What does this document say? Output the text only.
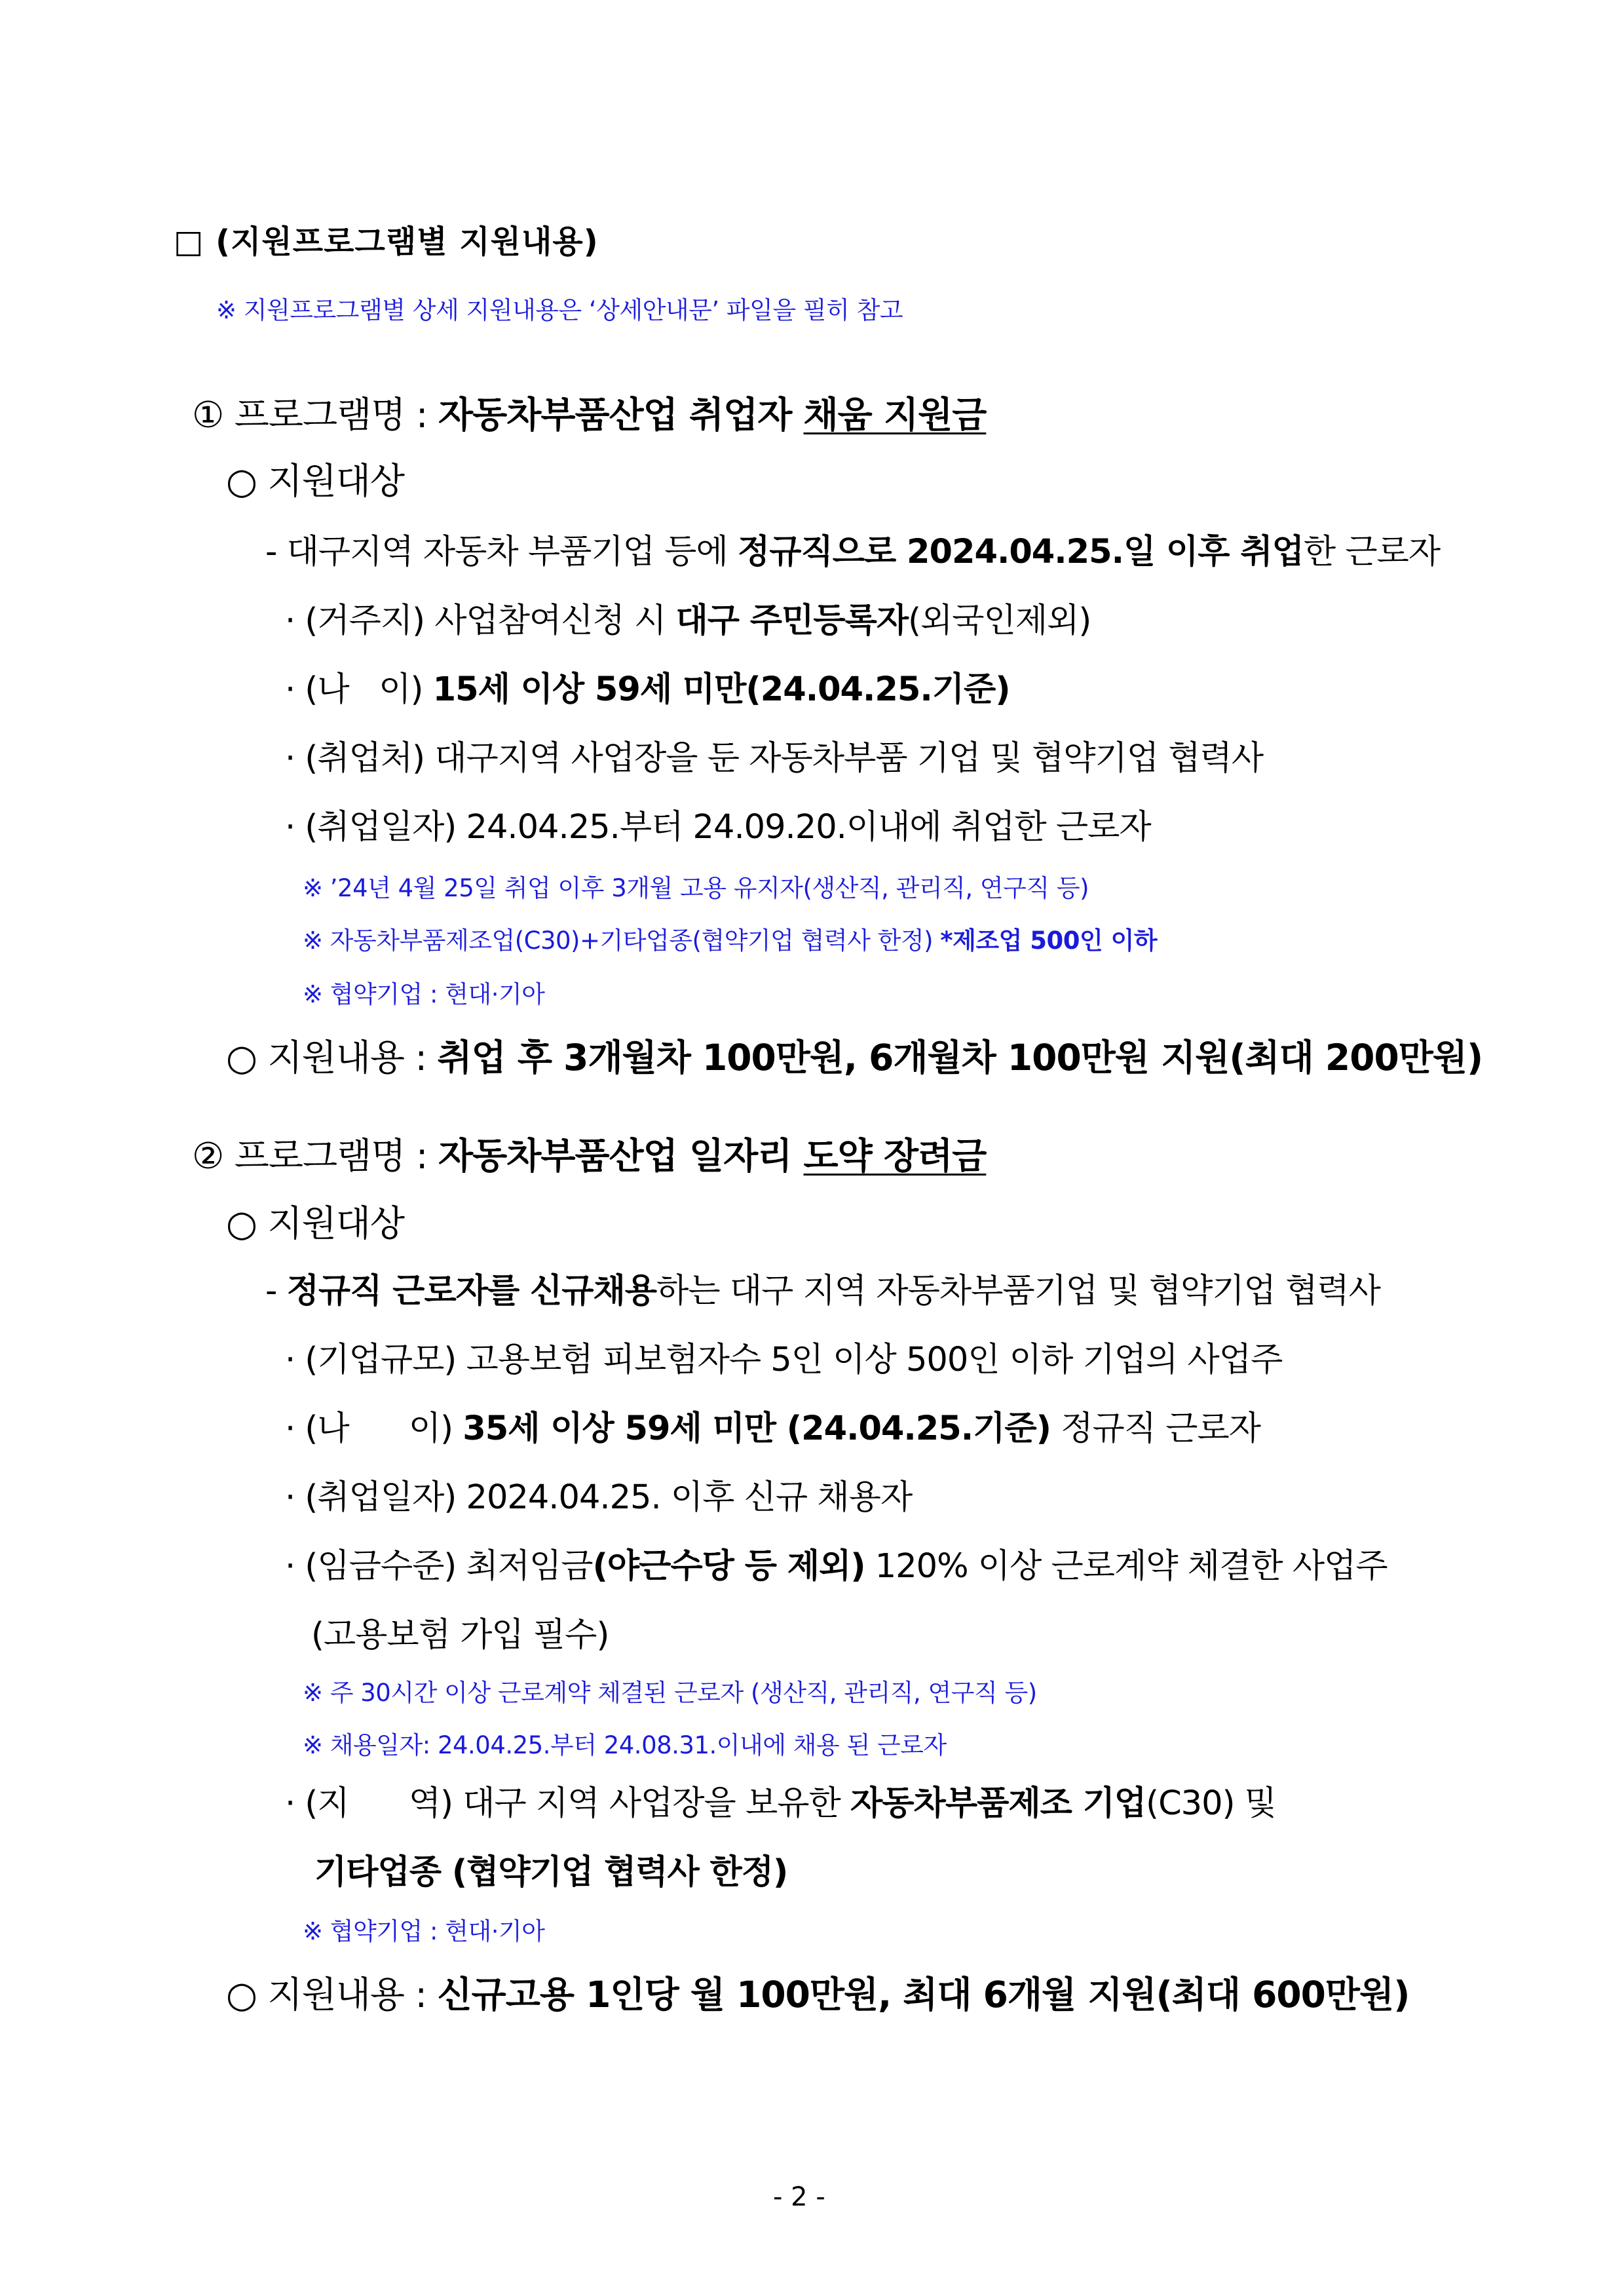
□ (지원프로그램별 지원내용)
※ 지원프로그램별 상세 지원내용은 ‘상세안내문’ 파일을 필히 참고
① 프로그램명 : 자동차부품산업 취업자 채움 지원금
○ 지원대상
- 대구지역 자동차 부품기업 등에 정규직으로 2024.04.25.일 이후 취업한 근로자
· (거주지) 사업참여신청 시 대구 주민등록자(외국인제외)
· (나   이) 15세 이상 59세 미만(24.04.25.기준)
· (취업처) 대구지역 사업장을 둔 자동차부품 기업 및 협약기업 협력사
· (취업일자) 24.04.25.부터 24.09.20.이내에 취업한 근로자
※ ’24년 4월 25일 취업 이후 3개월 고용 유지자(생산직, 관리직, 연구직 등)
※ 자동차부품제조업(C30)+기타업종(협약기업 협력사 한정) *제조업 500인 이하
※ 협약기업 : 현대·기아
○ 지원내용 : 취업 후 3개월차 100만원, 6개월차 100만원 지원(최대 200만원)
② 프로그램명 : 자동차부품산업 일자리 도약 장려금
○ 지원대상
- 정규직 근로자를 신규채용하는 대구 지역 자동차부품기업 및 협약기업 협력사
· (기업규모) 고용보험 피보험자수 5인 이상 500인 이하 기업의 사업주
· (나      이) 35세 이상 59세 미만 (24.04.25.기준) 정규직 근로자
· (취업일자) 2024.04.25. 이후 신규 채용자
· (임금수준) 최저임금(야근수당 등 제외) 120% 이상 근로계약 체결한 사업주
(고용보험 가입 필수)
※ 주 30시간 이상 근로계약 체결된 근로자 (생산직, 관리직, 연구직 등)
※ 채용일자: 24.04.25.부터 24.08.31.이내에 채용 된 근로자
· (지      역) 대구 지역 사업장을 보유한 자동차부품제조 기업(C30) 및
기타업종 (협약기업 협력사 한정)
※ 협약기업 : 현대·기아
○ 지원내용 : 신규고용 1인당 월 100만원, 최대 6개월 지원(최대 600만원)
- 2 -
